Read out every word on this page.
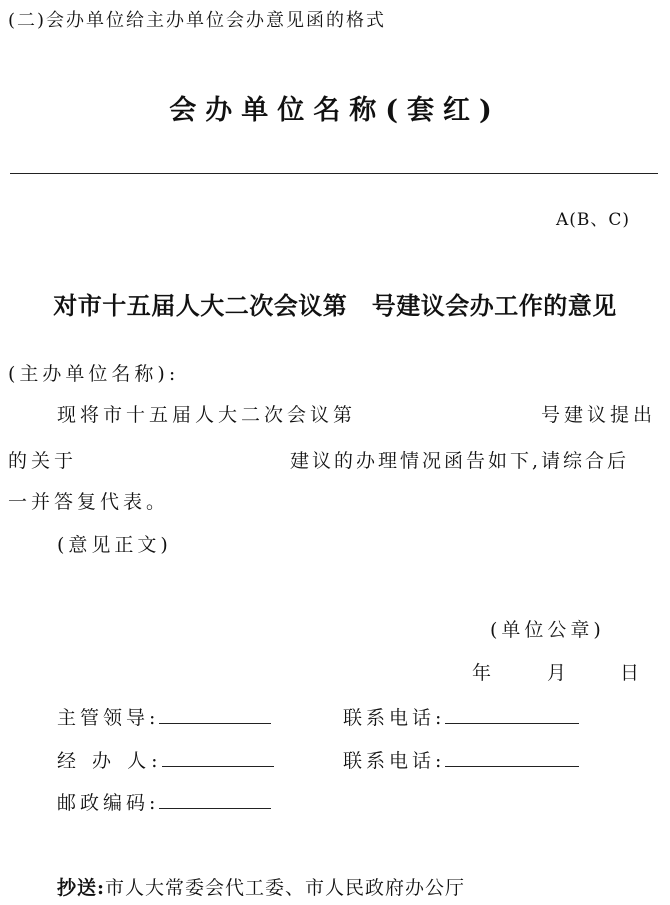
(二)会办单位给主办单位会办意见函的格式
会办单位名称(套红)
A(B、C)
对市十五届人大二次会议第　号建议会办工作的意见
(主办单位名称):
现将市十五届人大二次会议第	号建议提出
的关于	建议的办理情况函告如下,请综合后
一并答复代表。
(意见正文)
(单位公章)
年	月	日
主管领导:	联系电话:
经 办 人:	联系电话:
邮政编码:
抄送:市人大常委会代工委、市人民政府办公厅
